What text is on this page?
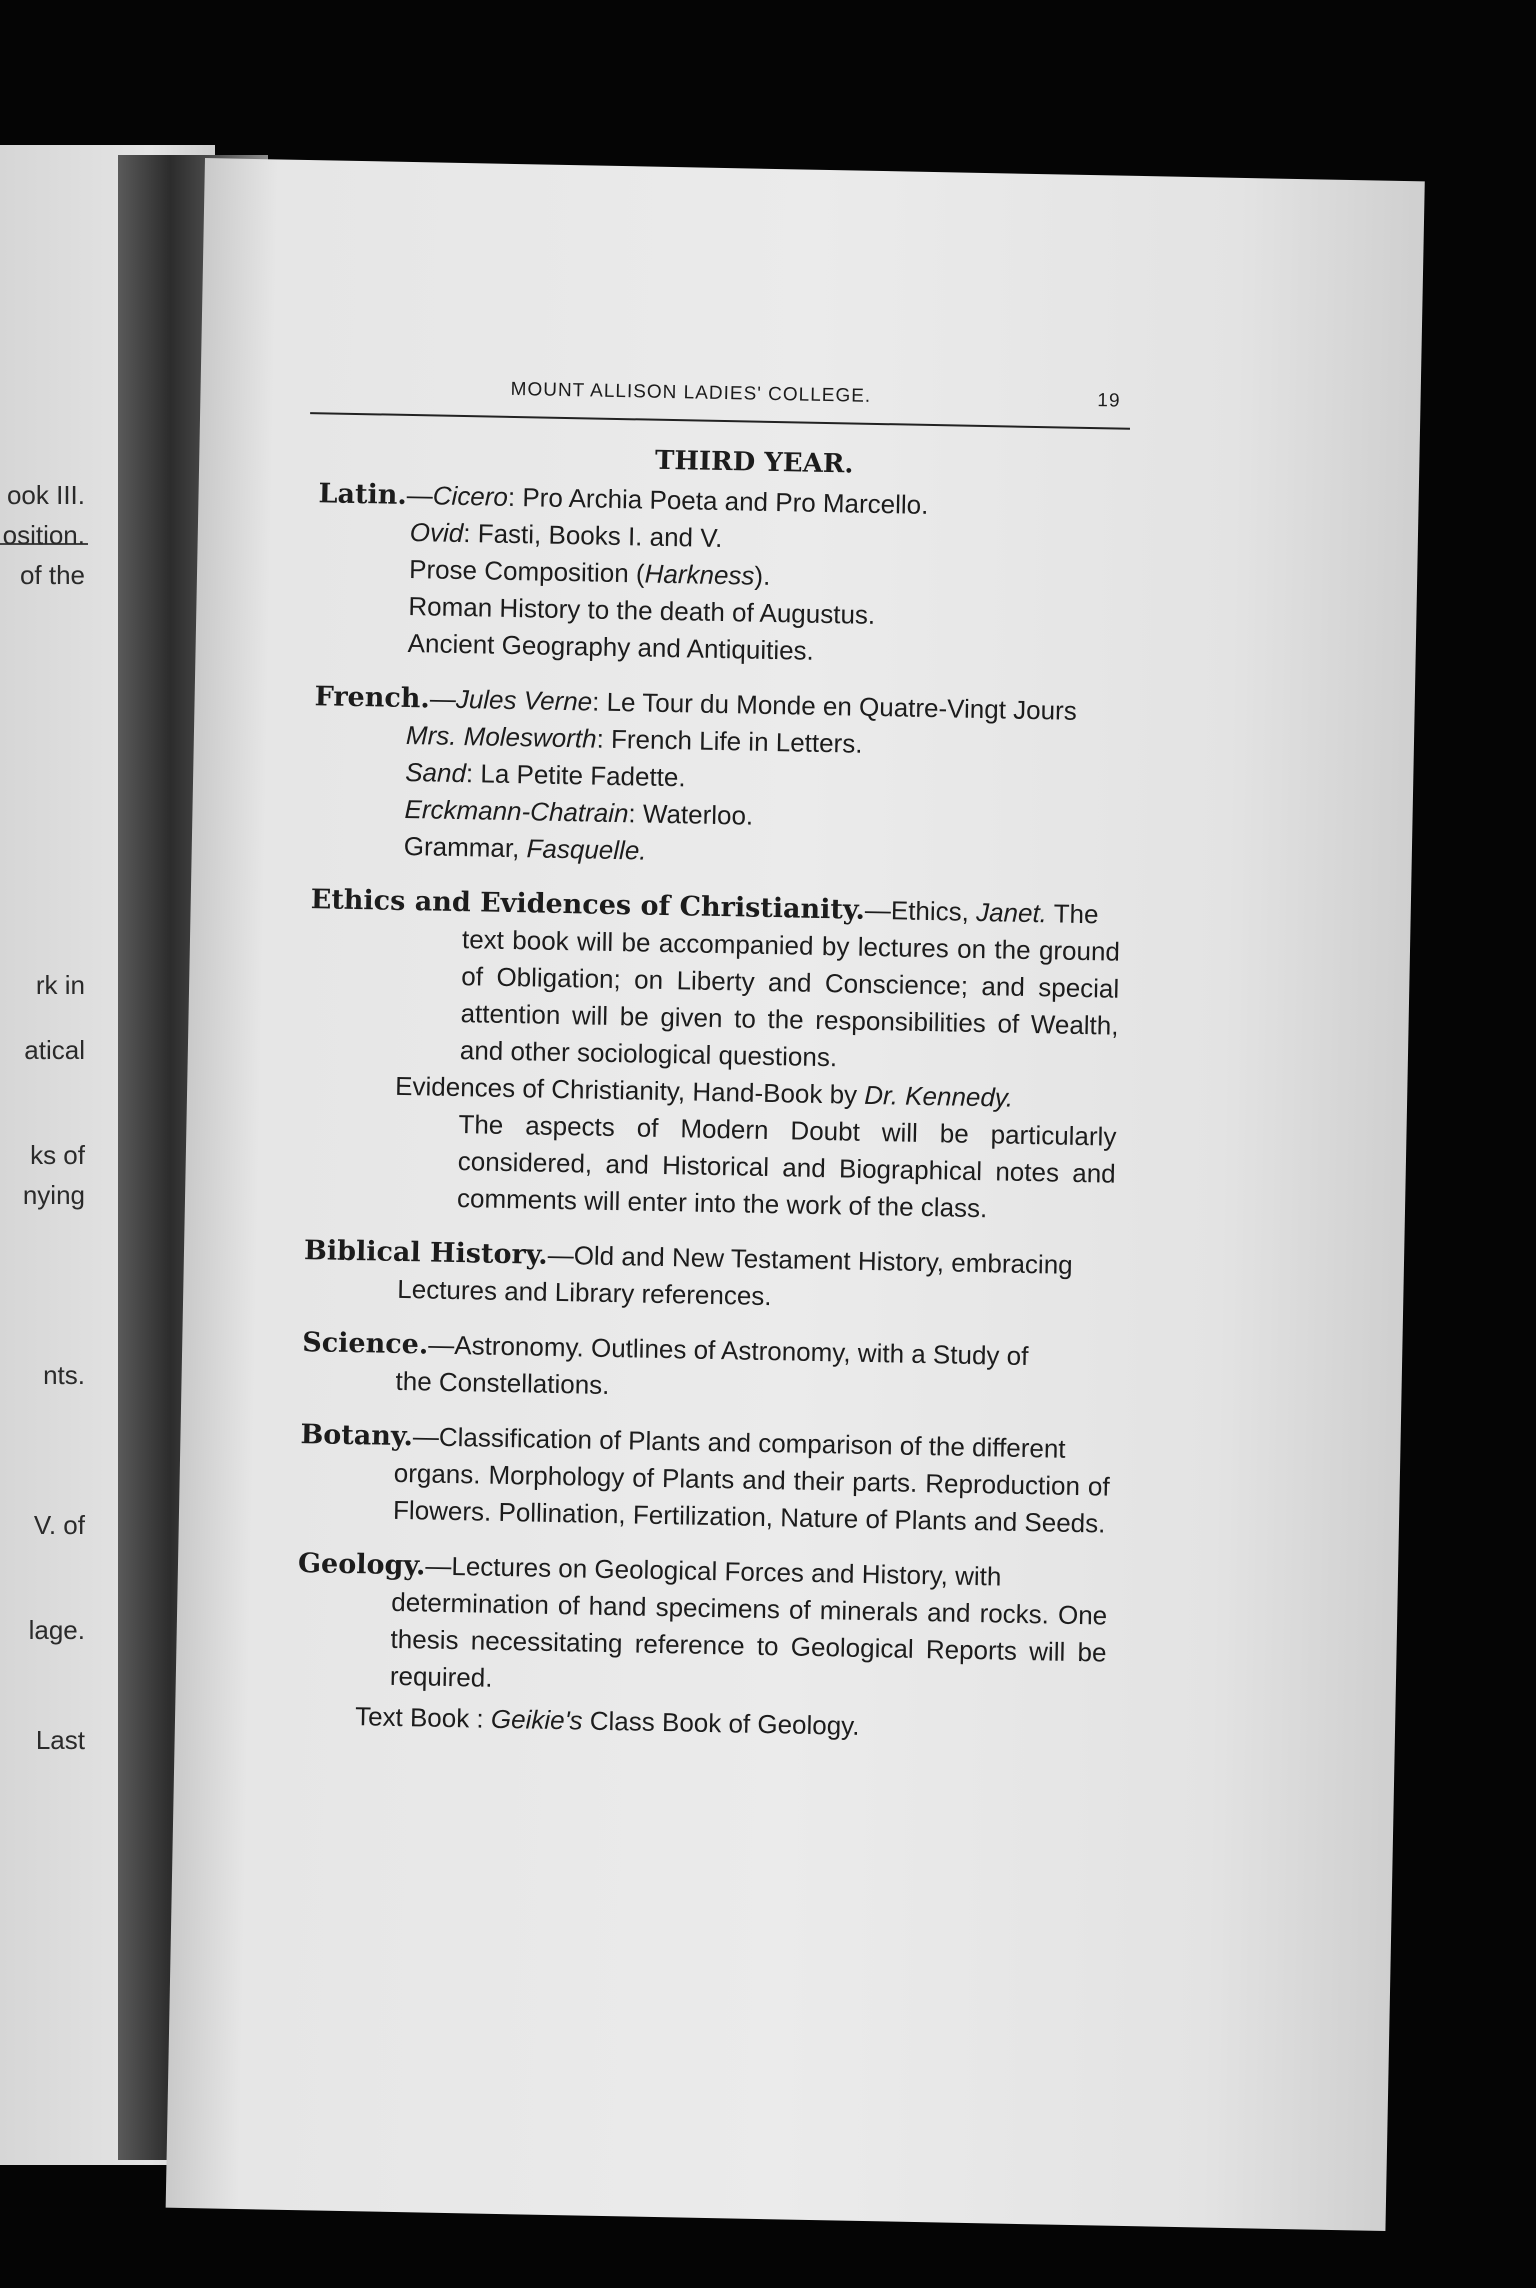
ook III.
osition.
of the
rk in
atical
ks of
nying
nts.
V. of
lage.
Last
MOUNT ALLISON LADIES' COLLEGE.	19
THIRD YEAR.
Latin.—Cicero: Pro Archia Poeta and Pro Marcello.
Ovid: Fasti, Books I. and V.
Prose Composition (Harkness).
Roman History to the death of Augustus.
Ancient Geography and Antiquities.
French.—Jules Verne: Le Tour du Monde en Quatre-Vingt Jours
Mrs. Molesworth: French Life in Letters.
Sand: La Petite Fadette.
Erckmann-Chatrain: Waterloo.
Grammar, Fasquelle.
Ethics and Evidences of Christianity.—Ethics, Janet. The
text book will be accompanied by lectures on the ground of Obligation; on Liberty and Conscience; and special attention will be given to the responsibilities of Wealth, and other sociological questions.
Evidences of Christianity, Hand-Book by Dr. Kennedy.
The aspects of Modern Doubt will be particularly considered, and Historical and Biographical notes and comments will enter into the work of the class.
Biblical History.—Old and New Testament History, embracing
Lectures and Library references.
Science.—Astronomy. Outlines of Astronomy, with a Study of
the Constellations.
Botany.—Classification of Plants and comparison of the different
organs. Morphology of Plants and their parts. Reproduction of Flowers. Pollination, Fertilization, Nature of Plants and Seeds.
Geology.—Lectures on Geological Forces and History, with
determination of hand specimens of minerals and rocks. One thesis necessitating reference to Geological Reports will be required.
Text Book : Geikie's Class Book of Geology.
